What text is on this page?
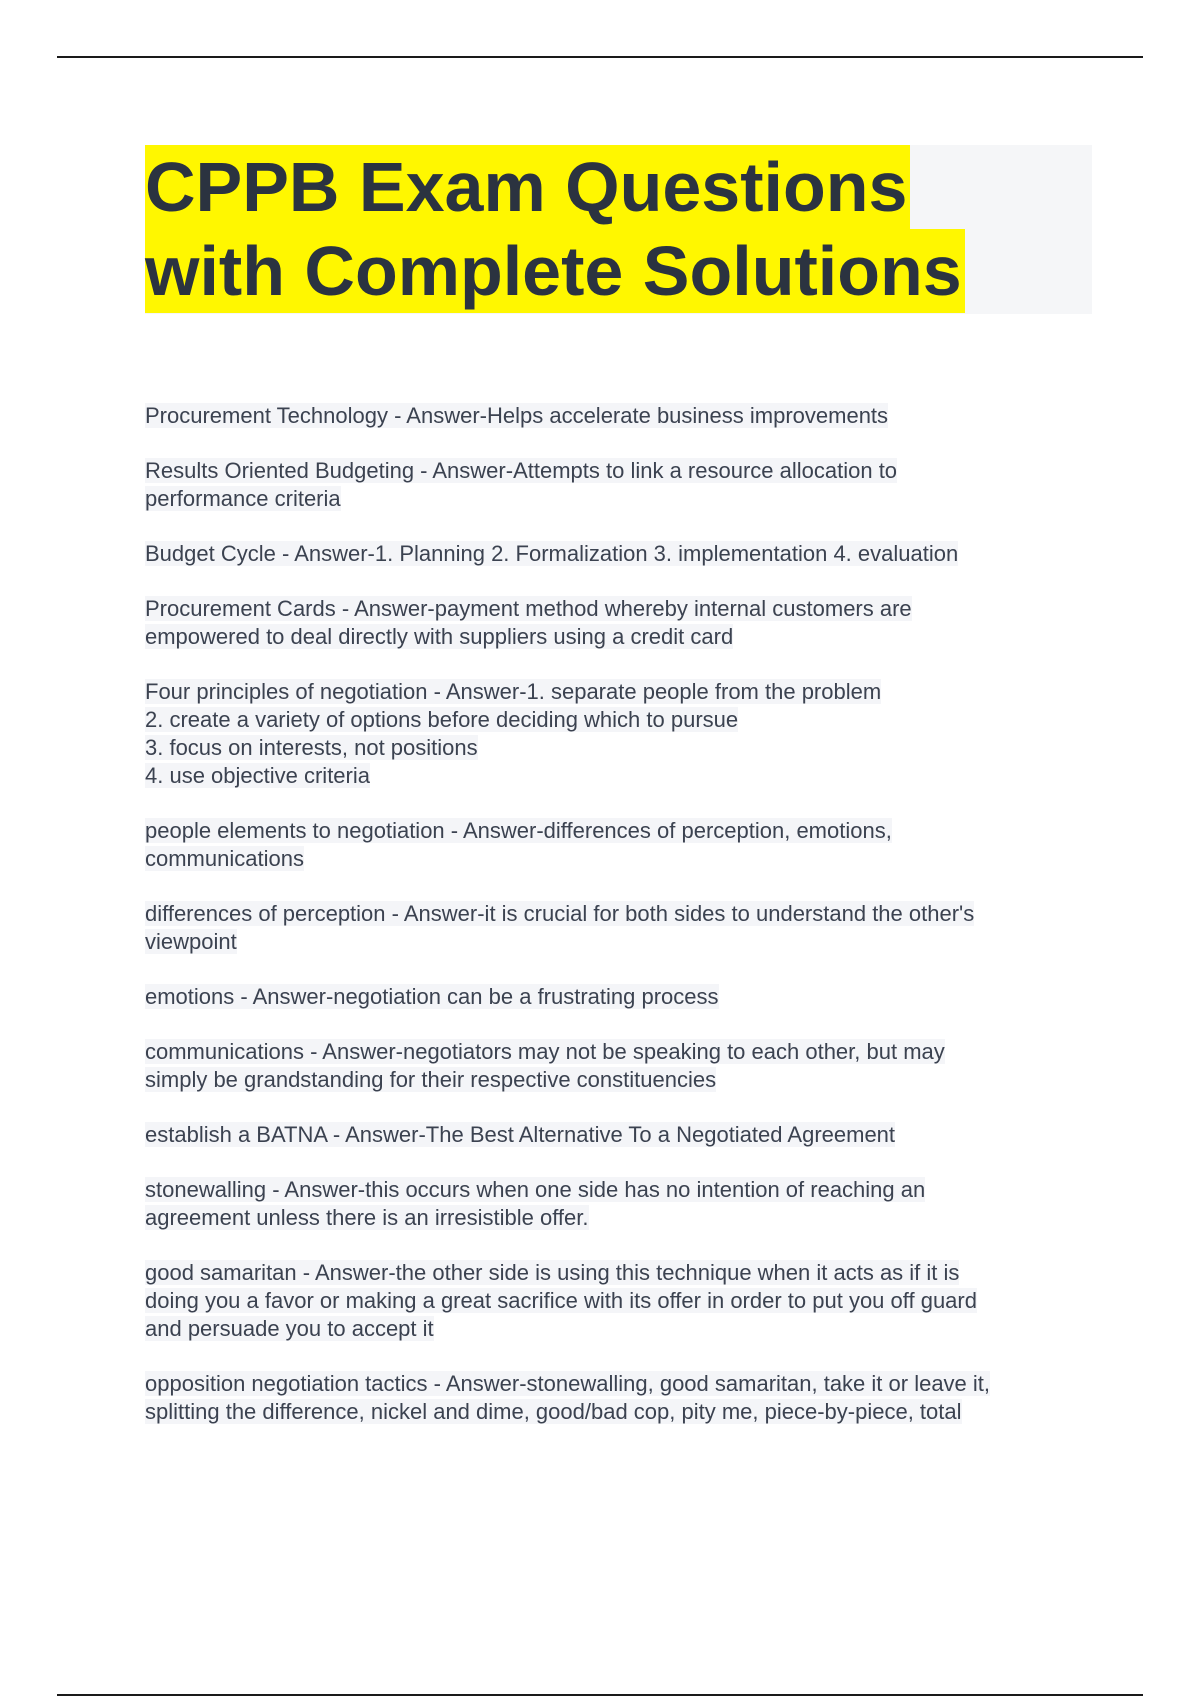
CPPB Exam Questions
with Complete Solutions
Procurement Technology - Answer-Helps accelerate business improvements
Results Oriented Budgeting - Answer-Attempts to link a resource allocation to
performance criteria
Budget Cycle - Answer-1. Planning 2. Formalization 3. implementation 4. evaluation
Procurement Cards - Answer-payment method whereby internal customers are
empowered to deal directly with suppliers using a credit card
Four principles of negotiation - Answer-1. separate people from the problem
2. create a variety of options before deciding which to pursue
3. focus on interests, not positions
4. use objective criteria
people elements to negotiation - Answer-differences of perception, emotions,
communications
differences of perception - Answer-it is crucial for both sides to understand the other's
viewpoint
emotions - Answer-negotiation can be a frustrating process
communications - Answer-negotiators may not be speaking to each other, but may
simply be grandstanding for their respective constituencies
establish a BATNA - Answer-The Best Alternative To a Negotiated Agreement
stonewalling - Answer-this occurs when one side has no intention of reaching an
agreement unless there is an irresistible offer.
good samaritan - Answer-the other side is using this technique when it acts as if it is
doing you a favor or making a great sacrifice with its offer in order to put you off guard
and persuade you to accept it
opposition negotiation tactics - Answer-stonewalling, good samaritan, take it or leave it,
splitting the difference, nickel and dime, good/bad cop, pity me, piece-by-piece, total
